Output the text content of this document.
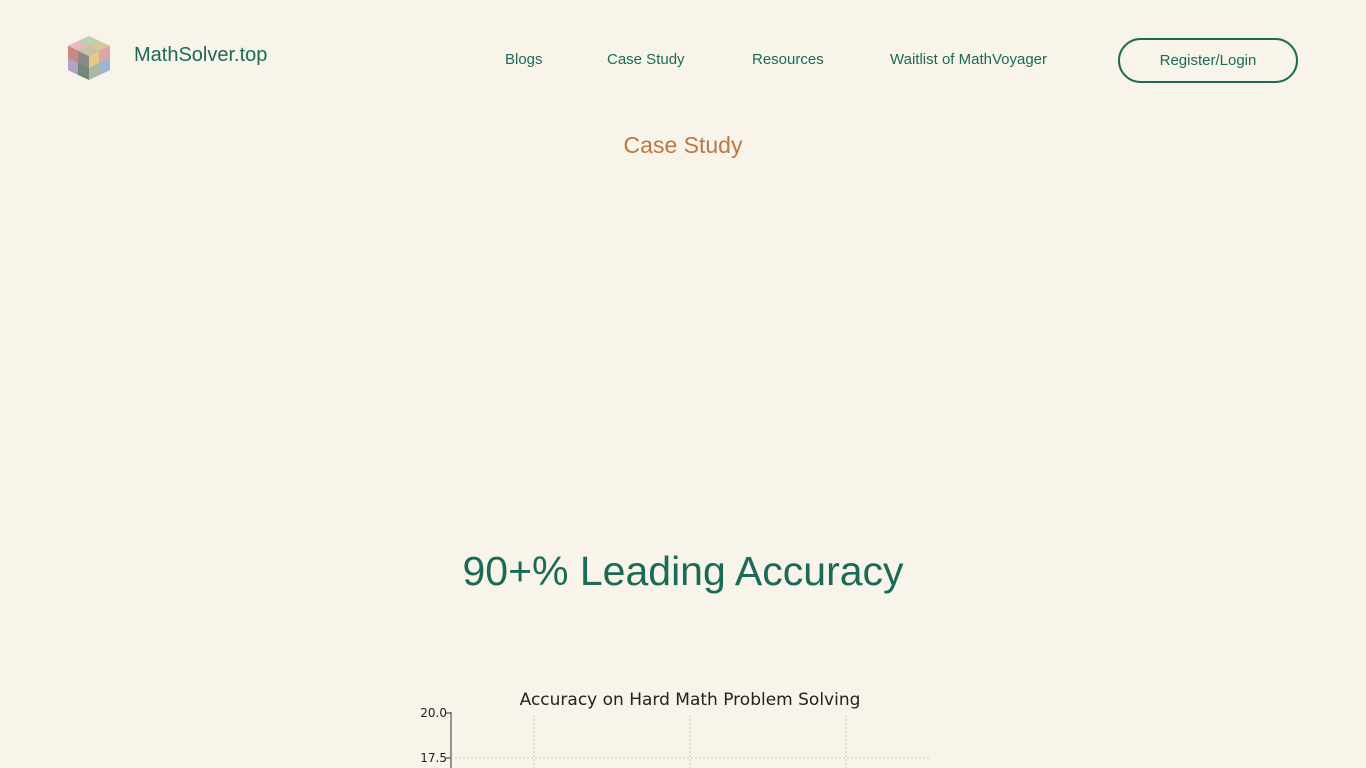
MathSolver.top	Blogs	Case Study	Resources	Waitlist of MathVoyager	Register/Login
Case Study
90+% Leading Accuracy
Accuracy on Hard Math Problem Solving
20.0
17.5
